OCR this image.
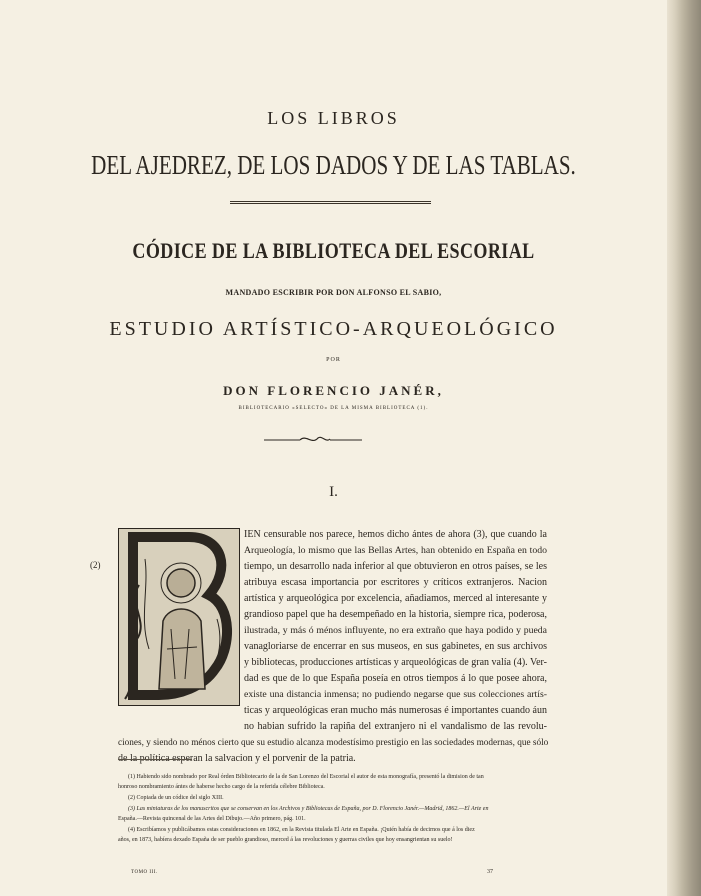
LOS LIBROS
DEL AJEDREZ, DE LOS DADOS Y DE LAS TABLAS.
CÓDICE DE LA BIBLIOTECA DEL ESCORIAL
MANDADO ESCRIBIR POR DON ALFONSO EL SABIO,
ESTUDIO ARTÍSTICO-ARQUEOLÓGICO
POR
DON FLORENCIO JANÉR,
BIBLIOTECARIO «SELECTO» DE LA MISMA BIBLIOTECA (1).
I.
(2)
IEN censurable nos parece, hemos dicho ántes de ahora (3), que cuando la
Arqueología, lo mismo que las Bellas Artes, han obtenido en España en todo
tiempo, un desarrollo nada inferior al que obtuvieron en otros países, se les
atribuya escasa importancia por escritores y críticos extranjeros. Nacion
artística y arqueológica por excelencia, añadiamos, merced al interesante y
grandioso papel que ha desempeñado en la historia, siempre rica, poderosa,
ilustrada, y más ó ménos influyente, no era extraño que haya podido y pueda
vanagloriarse de encerrar en sus museos, en sus gabinetes, en sus archivos
y bibliotecas, producciones artísticas y arqueológicas de gran valía (4). Ver-
dad es que de lo que España poseía en otros tiempos á lo que posee ahora,
existe una distancia inmensa; no pudiendo negarse que sus colecciones artís-
ticas y arqueológicas eran mucho más numerosas é importantes cuando áun
no habian sufrido la rapiña del extranjero ni el vandalismo de las revolu-
ciones, y siendo no ménos cierto que su estudio alcanza modestísimo prestigio en las sociedades modernas, que sólo
de la política esperan la salvacion y el porvenir de la patria.
(1) Habiendo sido nombrado por Real órden Bibliotecario de la de San Lorenzo del Escorial el autor de esta monografía, presentó la dimision de tan
honroso nombramiento ántes de haberse hecho cargo de la referida célebre Biblioteca.
(2) Copiada de un códice del siglo XIII.
(3) Las miniaturas de los manuscritos que se conservan en los Archivos y Bibliotecas de España, por D. Florencio Janér.—Madrid, 1862.—El Arte en
España.—Revista quincenal de las Artes del Dibujo.—Año primero, pág. 101.
(4) Escribíamos y publicábamos estas consideraciones en 1862, en la Revista titulada El Arte en España. ¡Quién había de decirnos que á los diez
años, en 1873, habíera dexado España de ser pueblo grandioso, merced á las revoluciones y guerras civiles que hoy ensangrientan su suelo!
TOMO III.	37
